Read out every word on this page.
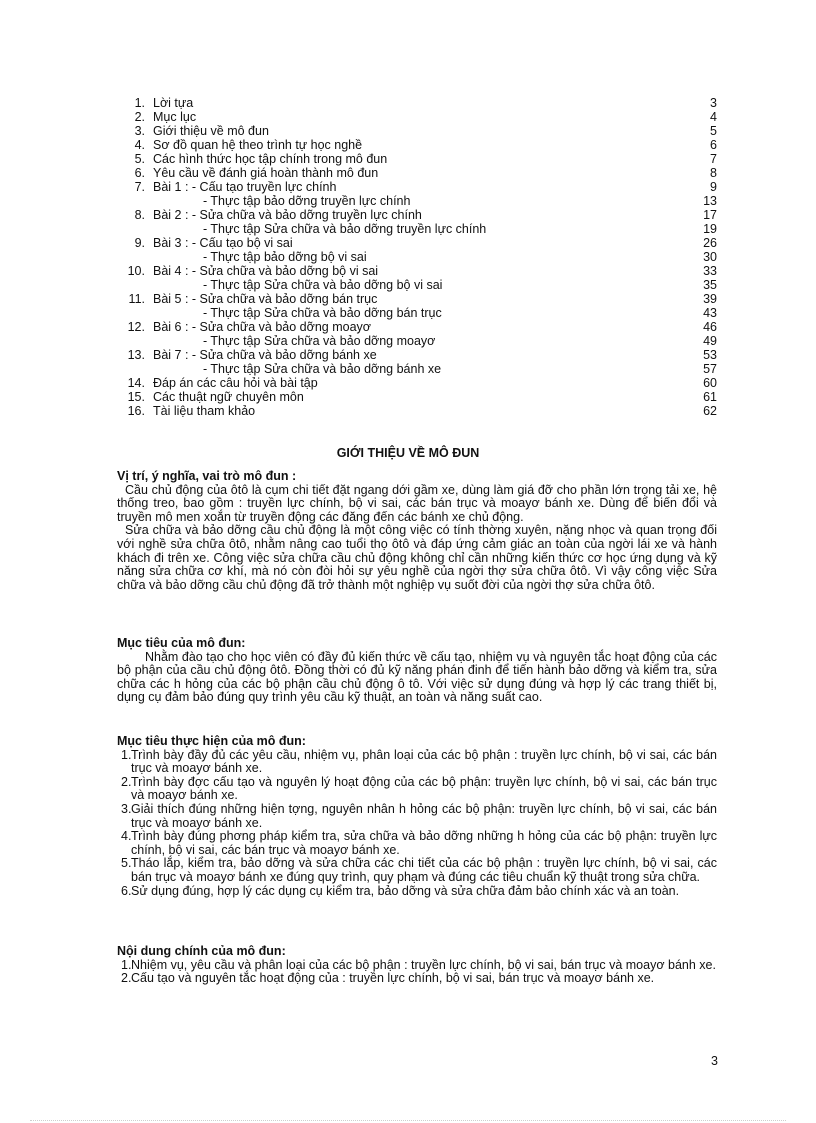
1. Lời tựa	3
2. Mục lục	4
3. Giới thiệu về mô đun	5
4. Sơ đồ quan hệ theo trình tự học nghề	6
5. Các hình thức học tập chính trong mô đun	7
6. Yêu cầu về đánh giá hoàn thành mô đun	8
7. Bài 1 : - Cấu tạo truyền lực chính	9
- Thực tập bảo dỡng truyền lực chính	13
8. Bài 2 : - Sửa chữa và bảo dỡng truyền lực chính	17
- Thực tập Sửa chữa và bảo dỡng truyền lực chính	19
9. Bài 3 : - Cấu tạo bộ vi sai	26
- Thực tập bảo dỡng bộ vi sai	30
10. Bài 4 : - Sửa chữa và bảo dỡng bộ vi sai	33
- Thực tập Sửa chữa và bảo dỡng bộ vi sai	35
11. Bài 5 : - Sửa chữa và bảo dỡng bán trục	39
- Thực tập Sửa chữa và bảo dỡng bán trục	43
12. Bài 6 : - Sửa chữa và bảo dỡng moayơ	46
- Thực tập Sửa chữa và bảo dỡng moayơ	49
13. Bài 7 : - Sửa chữa và bảo dỡng bánh xe	53
- Thực tập Sửa chữa và bảo dỡng bánh xe	57
14. Đáp án các câu hỏi và bài tập	60
15. Các thuật ngữ chuyên môn	61
16. Tài liệu tham khảo	62
GIỚI THIỆU VỀ MÔ ĐUN

Vị trí, ý nghĩa, vai trò mô đun :

Cầu chủ động của ôtô là cụm chi tiết đặt ngang dới gầm xe, dùng làm giá đỡ cho phần lớn trọng tải xe, hệ thống treo, bao gồm : truyền lực chính, bộ vi sai, các bán trục và moayơ bánh xe. Dùng để biến đổi và truyền mô men xoắn từ truyền động các đăng đến các bánh xe chủ động.

Sửa chữa và bảo dỡng cầu chủ động là một công việc có tính thờng xuyên, nặng nhọc và quan trọng đối với nghề sửa chữa ôtô, nhằm nâng cao tuổi thọ ôtô và đáp ứng cảm giác an toàn của ngời lái xe và hành khách đi trên xe. Công việc sửa chữa cầu chủ động không chỉ cần những kiến thức cơ học ứng dụng và kỹ năng sửa chữa cơ khí, mà nó còn đòi hỏi sự yêu nghề của ngời thợ sửa chữa ôtô. Vì vậy công việc Sửa chữa và bảo dỡng cầu chủ động đã trở thành một nghiệp vụ suốt đời của ngời thợ sửa chữa ôtô.

Mục tiêu của mô đun:

Nhằm đào tạo cho học viên có đầy đủ kiến thức về cấu tạo, nhiệm vụ và nguyên tắc hoạt động của các bộ phận của cầu chủ động ôtô. Đồng thời có đủ kỹ năng phán đinh để tiến hành bảo dỡng và kiểm tra, sửa chữa các h hỏng của các bộ phận cầu chủ động ô tô. Với việc sử dụng đúng và hợp lý các trang thiết bị, dụng cụ đảm bảo đúng quy trình yêu cầu kỹ thuật, an toàn và năng suất cao.

Mục tiêu thực hiện của mô đun:

1. Trình bày đầy đủ các yêu cầu, nhiệm vụ, phân loại của các bộ phận : truyền lực chính, bộ vi sai, các bán trục và moayơ bánh xe.
2. Trình bày đợc cấu tạo và nguyên lý hoạt động của các bộ phận: truyền lực chính, bộ vi sai, các bán trục và moayơ bánh xe.
3. Giải thích đúng những hiện tợng, nguyên nhân h hỏng các bộ phận: truyền lực chính, bộ vi sai, các bán trục và moayơ bánh xe.
4. Trình bày đúng phơng pháp kiểm tra, sửa chữa và bảo dỡng những h hỏng của các bộ phận: truyền lực chính, bộ vi sai, các bán trục và moayơ bánh xe.
5. Tháo lắp, kiểm tra, bảo dỡng và sửa chữa các chi tiết của các bộ phận : truyền lực chính, bộ vi sai, các bán trục và moayơ bánh xe đúng quy trình, quy phạm và đúng các tiêu chuẩn kỹ thuật trong sửa chữa.
6. Sử dụng đúng, hợp lý các dụng cụ kiểm tra, bảo dỡng và sửa chữa đảm bảo chính xác và an toàn.

Nội dung chính của mô đun:

1. Nhiệm vụ, yêu cầu và phân loại của các bộ phận : truyền lực chính, bộ vi sai, bán trục và moayơ bánh xe.
2. Cấu tạo và nguyên tắc hoạt động của : truyền lực chính, bộ vi sai, bán trục và moayơ bánh xe.
3
